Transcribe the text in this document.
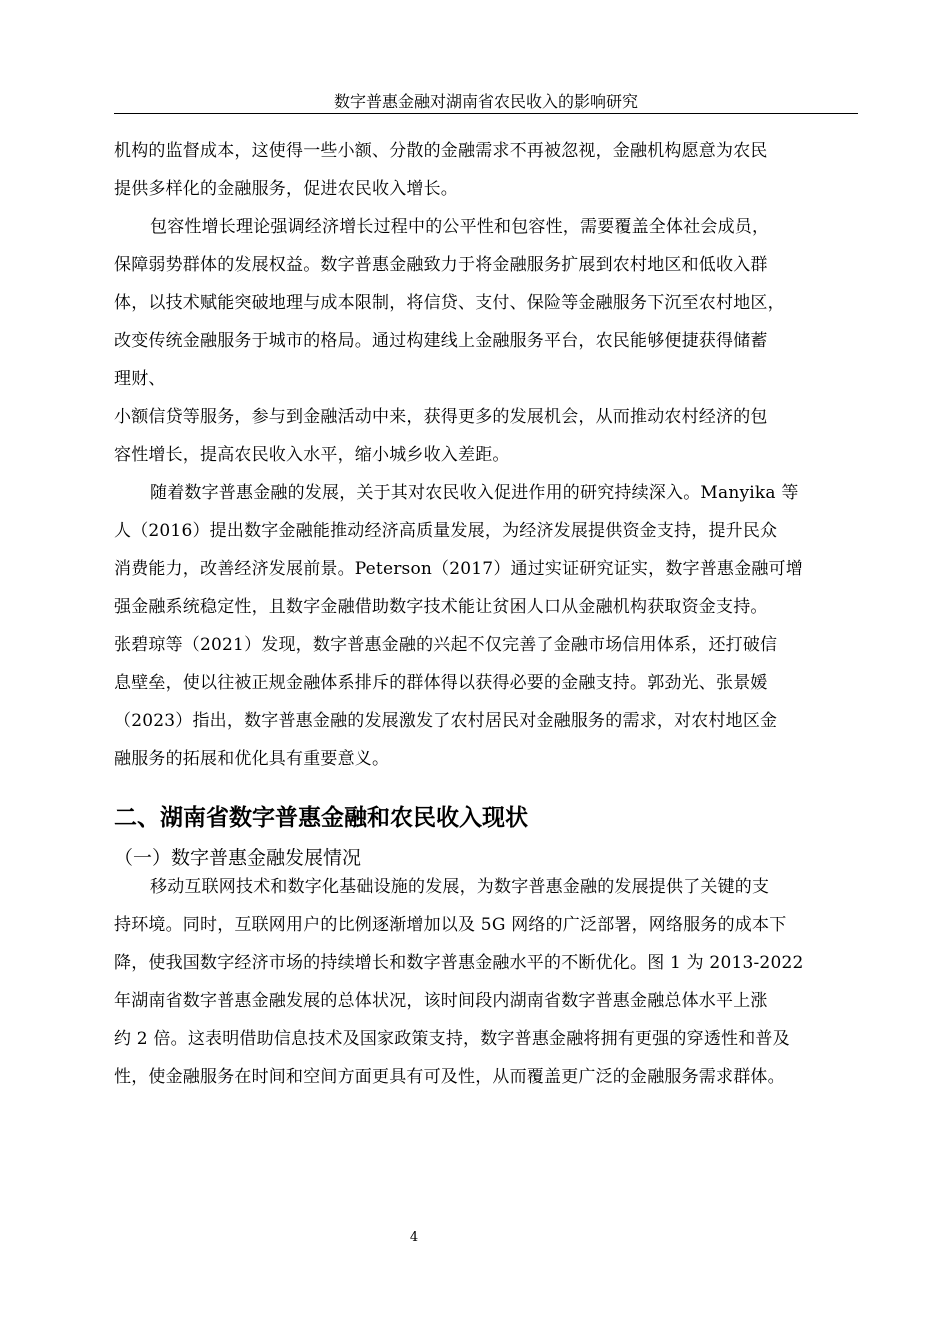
数字普惠金融对湖南省农民收入的影响研究
机构的监督成本，这使得一些小额、分散的金融需求不再被忽视，金融机构愿意为农民
提供多样化的金融服务，促进农民收入增长。
包容性增长理论强调经济增长过程中的公平性和包容性，需要覆盖全体社会成员，
保障弱势群体的发展权益。数字普惠金融致力于将金融服务扩展到农村地区和低收入群
体，以技术赋能突破地理与成本限制，将信贷、支付、保险等金融服务下沉至农村地区，
改变传统金融服务于城市的格局。通过构建线上金融服务平台，农民能够便捷获得储蓄
理财、
小额信贷等服务，参与到金融活动中来，获得更多的发展机会，从而推动农村经济的包
容性增长，提高农民收入水平，缩小城乡收入差距。
随着数字普惠金融的发展，关于其对农民收入促进作用的研究持续深入。Manyika 等
人（2016）提出数字金融能推动经济高质量发展，为经济发展提供资金支持，提升民众
消费能力，改善经济发展前景。Peterson（2017）通过实证研究证实，数字普惠金融可增
强金融系统稳定性，且数字金融借助数字技术能让贫困人口从金融机构获取资金支持。
张碧琼等（2021）发现，数字普惠金融的兴起不仅完善了金融市场信用体系，还打破信
息壁垒，使以往被正规金融体系排斥的群体得以获得必要的金融支持。郭劲光、张景媛
（2023）指出，数字普惠金融的发展激发了农村居民对金融服务的需求，对农村地区金
融服务的拓展和优化具有重要意义。
二、湖南省数字普惠金融和农民收入现状
（一）数字普惠金融发展情况
移动互联网技术和数字化基础设施的发展，为数字普惠金融的发展提供了关键的支
持环境。同时，互联网用户的比例逐渐增加以及 5G 网络的广泛部署，网络服务的成本下
降，使我国数字经济市场的持续增长和数字普惠金融水平的不断优化。图 1 为 2013-2022
年湖南省数字普惠金融发展的总体状况，该时间段内湖南省数字普惠金融总体水平上涨
约 2 倍。这表明借助信息技术及国家政策支持，数字普惠金融将拥有更强的穿透性和普及
性，使金融服务在时间和空间方面更具有可及性，从而覆盖更广泛的金融服务需求群体。
4
